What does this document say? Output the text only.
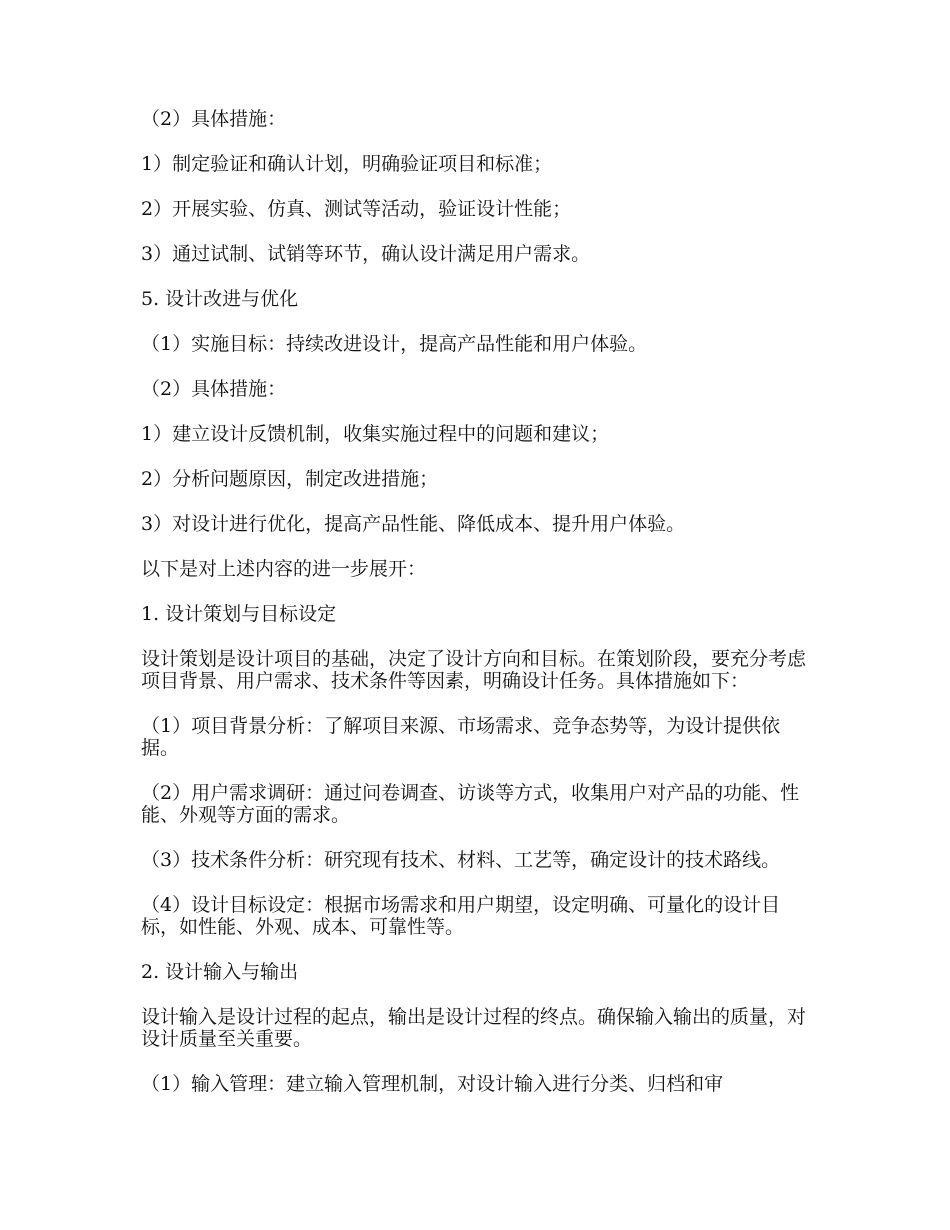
（2）具体措施：

1）制定验证和确认计划，明确验证项目和标准；

2）开展实验、仿真、测试等活动，验证设计性能；

3）通过试制、试销等环节，确认设计满足用户需求。

5. 设计改进与优化

（1）实施目标：持续改进设计，提高产品性能和用户体验。

（2）具体措施：

1）建立设计反馈机制，收集实施过程中的问题和建议；

2）分析问题原因，制定改进措施；

3）对设计进行优化，提高产品性能、降低成本、提升用户体验。

以下是对上述内容的进一步展开：

1. 设计策划与目标设定

设计策划是设计项目的基础，决定了设计方向和目标。在策划阶段，要充分考虑项目背景、用户需求、技术条件等因素，明确设计任务。具体措施如下：

（1）项目背景分析：了解项目来源、市场需求、竞争态势等，为设计提供依据。

（2）用户需求调研：通过问卷调查、访谈等方式，收集用户对产品的功能、性能、外观等方面的需求。

（3）技术条件分析：研究现有技术、材料、工艺等，确定设计的技术路线。

（4）设计目标设定：根据市场需求和用户期望，设定明确、可量化的设计目标，如性能、外观、成本、可靠性等。

2. 设计输入与输出

设计输入是设计过程的起点，输出是设计过程的终点。确保输入输出的质量，对设计质量至关重要。

（1）输入管理：建立输入管理机制，对设计输入进行分类、归档和审
